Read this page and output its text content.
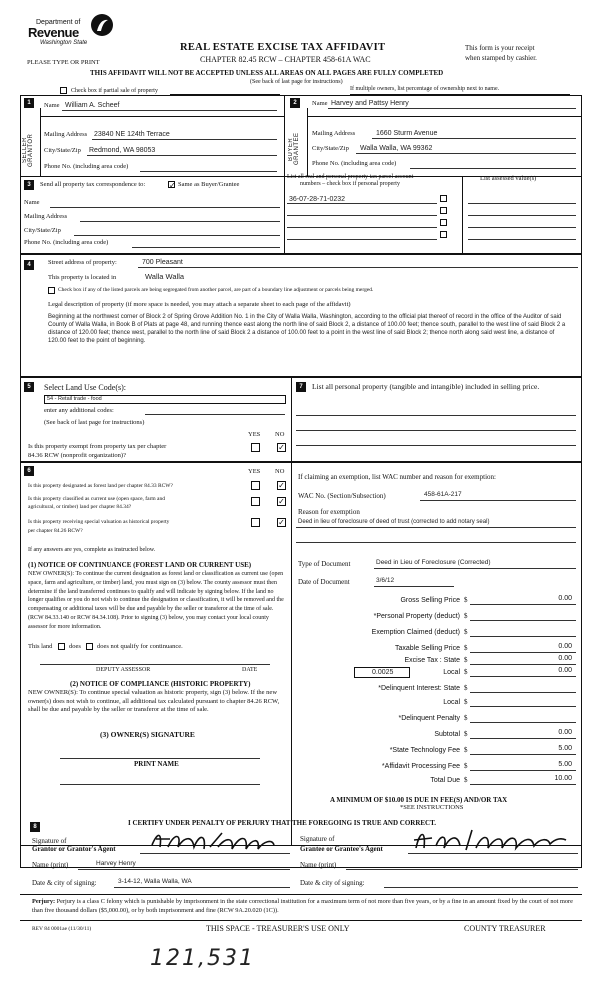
Department of
Revenue
Washington State
PLEASE TYPE OR PRINT
REAL ESTATE EXCISE TAX AFFIDAVIT
CHAPTER 82.45 RCW – CHAPTER 458-61A WAC
This form is your receipt
when stamped by cashier.
THIS AFFIDAVIT WILL NOT BE ACCEPTED UNLESS ALL AREAS ON ALL PAGES ARE FULLY COMPLETED
(See back of last page for instructions)
Check box if partial sale of property	If multiple owners, list percentage of ownership next to name.
1
SELLER GRANTOR
Name William A. Scheef
Mailing Address 23840 NE 124th Terrace
City/State/Zip Redmond, WA 98053
Phone No. (including area code)
2
BUYER GRANTEE
Name Harvey and Pattsy Henry
Mailing Address	1660 Sturm Avenue
City/State/Zip Walla Walla, WA 99362
Phone No. (including area code)
3	Send all property tax correspondence to:	✓ Same as Buyer/Grantee
Name
Mailing Address
City/State/Zip
Phone No. (including area code)
List all real and personal property tax parcel account
numbers – check box if personal property
List assessed value(s)
36-07-28-71-0232
4	Street address of property:	700 Pleasant
This property is located in	Walla Walla
Check box if any of the listed parcels are being segregated from another parcel, are part of a boundary line adjustment or parcels being merged.
Legal description of property (if more space is needed, you may attach a separate sheet to each page of the affidavit)
Beginning at the northwest corner of Block 2 of Spring Grove Addition No. 1 in the City of Walla Walla, Washington, according to the official plat thereof of record in the office of the Auditor of said County of Walla Walla, in Book B of Plats at page 48, and running thence east along the north line of said Block 2, a distance of 100.00 feet; thence south, parallel to the west line of said Block 2 a distance of 120.00 feet; thence west, parallel to the north line of said Block 2 a distance of 100.00 feet to a point in the west line of said Block 2; thence north along said west line, a distance of 120.00 feet to the point of beginning.
5	Select Land Use Code(s):
54 - Retail trade - food
enter any additional codes:
(See back of last page for instructions)
YES NO
Is this property exempt from property tax per chapter
84.36 RCW (nonprofit organization)?
✓
7	List all personal property (tangible and intangible) included in selling price.
6	YES NO
Is this property designated as forest land per chapter 84.33 RCW?	✓
Is this property classified as current use (open space, farm and
agricultural, or timber) land per chapter 84.34?
✓
Is this property receiving special valuation as historical property
per chapter 84.26 RCW?
✓
If any answers are yes, complete as instructed below.
(1) NOTICE OF CONTINUANCE (FOREST LAND OR CURRENT USE)
NEW OWNER(S): To continue the current designation as forest land or classification as current use (open space, farm and agriculture, or timber) land, you must sign on (3) below. The county assessor must then determine if the land transferred continues to qualify and will indicate by signing below. If the land no longer qualifies or you do not wish to continue the designation or classification, it will be removed and the compensating or additional taxes will be due and payable by the seller or transferor at the time of sale. (RCW 84.33.140 or RCW 84.34.108). Prior to signing (3) below, you may contact your local county assessor for more information.
This land	does does not qualify for continuance.
DEPUTY ASSESSOR	DATE
(2) NOTICE OF COMPLIANCE (HISTORIC PROPERTY)
NEW OWNER(S): To continue special valuation as historic property, sign (3) below. If the new owner(s) does not wish to continue, all additional tax calculated pursuant to chapter 84.26 RCW, shall be due and payable by the seller or transferor at the time of sale.
(3) OWNER(S) SIGNATURE
PRINT NAME
If claiming an exemption, list WAC number and reason for exemption:
WAC No. (Section/Subsection)	458-61A-217
Reason for exemption
Deed in lieu of foreclosure of deed of trust (corrected to add notary seal)
Type of Document	Deed in Lieu of Foreclosure (Corrected)
Date of Document	3/6/12
Gross Selling Price $	0.00
*Personal Property (deduct) $
Exemption Claimed (deduct) $
Taxable Selling Price $	0.00
Excise Tax : State $	0.00
0.0025	Local $	0.00
*Delinquent Interest: State $
Local $
*Delinquent Penalty $
Subtotal $	0.00
*State Technology Fee $	5.00
*Affidavit Processing Fee $	5.00
Total Due $	10.00
A MINIMUM OF $10.00 IS DUE IN FEE(S) AND/OR TAX
*SEE INSTRUCTIONS
8	I CERTIFY UNDER PENALTY OF PERJURY THAT THE FOREGOING IS TRUE AND CORRECT.
Signature of
Grantor or Grantor's Agent
Signature of
Grantee or Grantee's Agent
Name (print)	Harvey Henry	Name (print)
Date & city of signing:	3-14-12, Walla Walla, WA	Date & city of signing:
Perjury: Perjury is a class C felony which is punishable by imprisonment in the state correctional institution for a maximum term of not more than five years, or by a fine in an amount fixed by the court of not more than five thousand dollars ($5,000.00), or by both imprisonment and fine (RCW 9A.20.020 (1C)).
REV 84 0001ae (11/30/11)	THIS SPACE - TREASURER'S USE ONLY	COUNTY TREASURER
121,531
